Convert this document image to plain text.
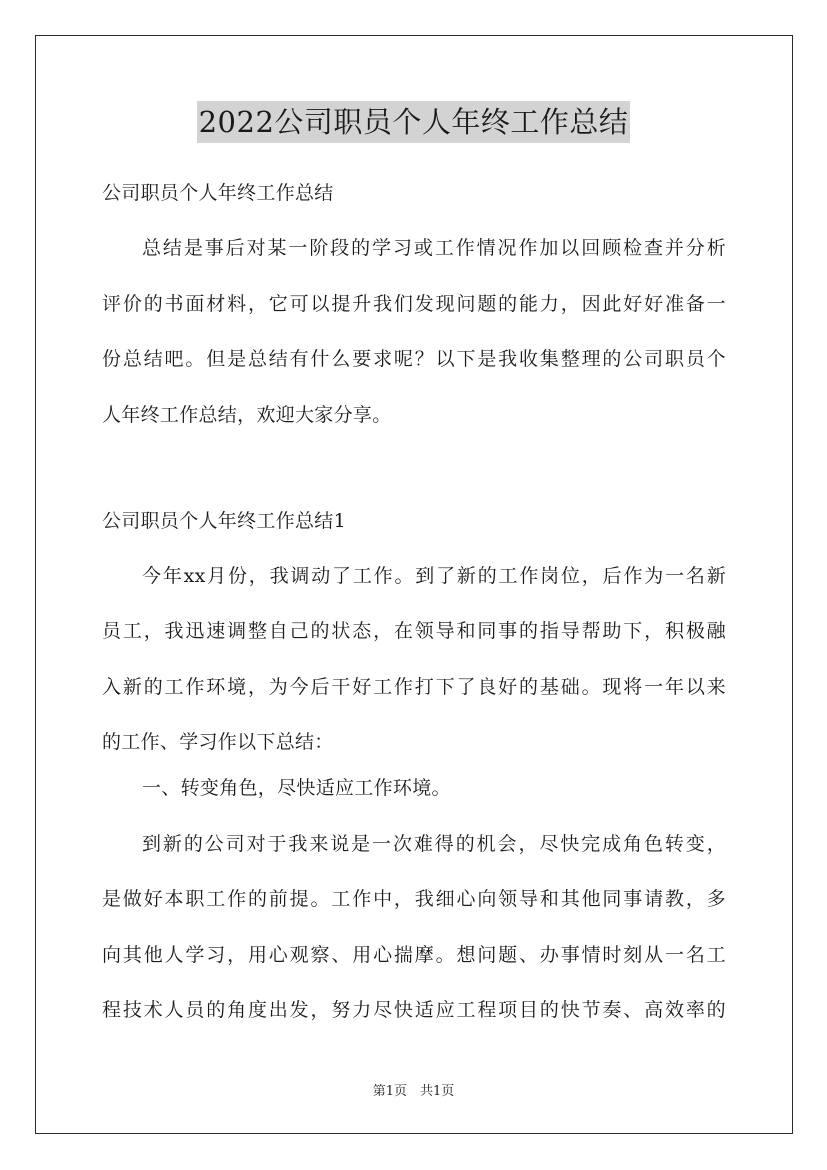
2022公司职员个人年终工作总结
公司职员个人年终工作总结
总结是事后对某一阶段的学习或工作情况作加以回顾检查并分析
评价的书面材料，它可以提升我们发现问题的能力，因此好好准备一
份总结吧。但是总结有什么要求呢？以下是我收集整理的公司职员个
人年终工作总结，欢迎大家分享。
公司职员个人年终工作总结1
今年xx月份，我调动了工作。到了新的工作岗位，后作为一名新
员工，我迅速调整自己的状态，在领导和同事的指导帮助下，积极融
入新的工作环境，为今后干好工作打下了良好的基础。现将一年以来
的工作、学习作以下总结：
一、转变角色，尽快适应工作环境。
到新的公司对于我来说是一次难得的机会，尽快完成角色转变，
是做好本职工作的前提。工作中，我细心向领导和其他同事请教，多
向其他人学习，用心观察、用心揣摩。想问题、办事情时刻从一名工
程技术人员的角度出发，努力尽快适应工程项目的快节奏、高效率的
第1页　共1页
